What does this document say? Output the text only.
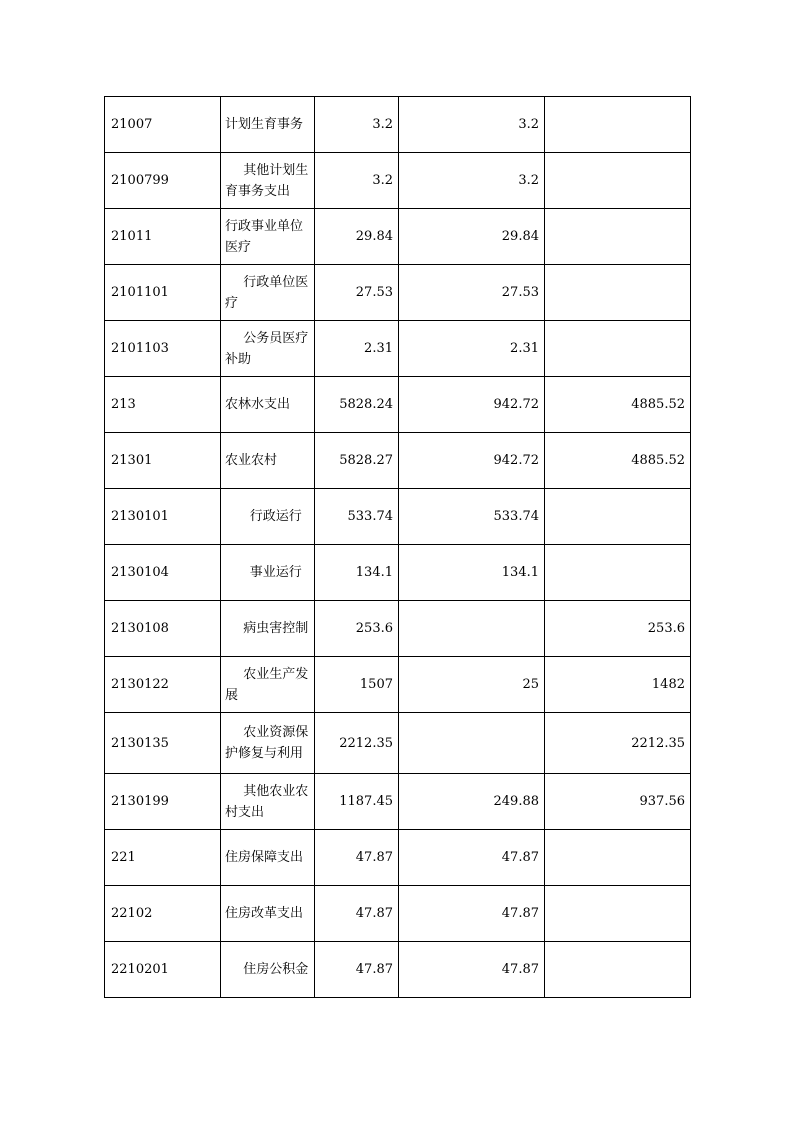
21007	计划生育事务	3.2	3.2	
2100799	其他计划生育事务支出	3.2	3.2	
21011	行政事业单位医疗	29.84	29.84	
2101101	行政单位医疗	27.53	27.53	
2101103	公务员医疗补助	2.31	2.31	
213	农林水支出	5828.24	942.72	4885.52
21301	农业农村	5828.27	942.72	4885.52
2130101	行政运行	533.74	533.74	
2130104	事业运行	134.1	134.1	
2130108	病虫害控制	253.6		253.6
2130122	农业生产发展	1507	25	1482
2130135	农业资源保护修复与利用	2212.35		2212.35
2130199	其他农业农村支出	1187.45	249.88	937.56
221	住房保障支出	47.87	47.87	
22102	住房改革支出	47.87	47.87	
2210201	住房公积金	47.87	47.87	
